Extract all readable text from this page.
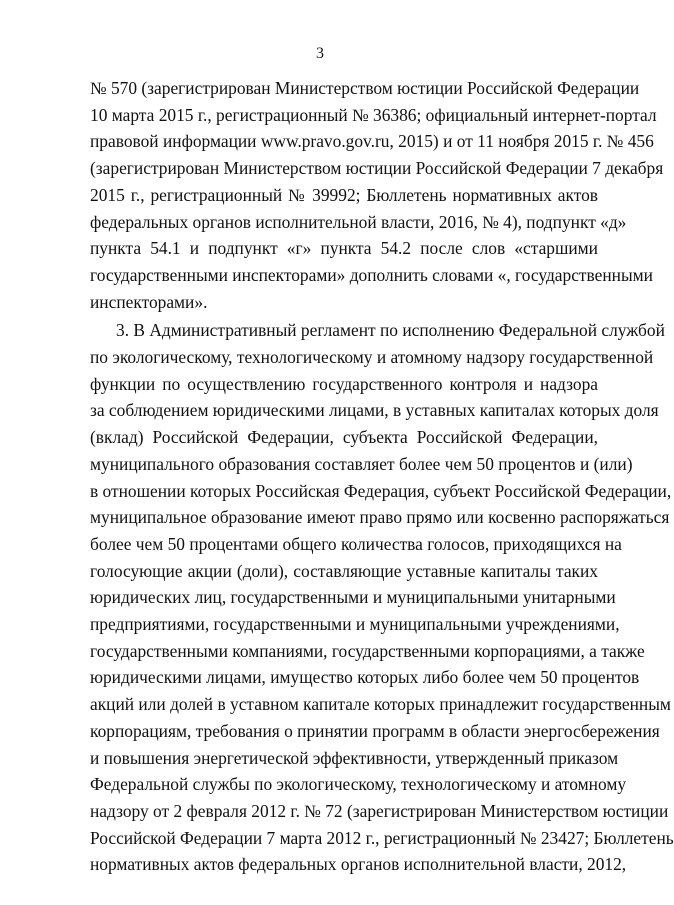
3
№ 570 (зарегистрирован Министерством юстиции Российской Федерации
10 марта 2015 г., регистрационный № 36386; официальный интернет-портал
правовой информации www.pravo.gov.ru, 2015) и от 11 ноября 2015 г. № 456
(зарегистрирован Министерством юстиции Российской Федерации 7 декабря
2015 г., регистрационный № 39992; Бюллетень нормативных актов
федеральных органов исполнительной власти, 2016, № 4), подпункт «д»
пункта 54.1 и подпункт «г» пункта 54.2 после слов «старшими
государственными инспекторами» дополнить словами «, государственными
инспекторами».
3. В Административный регламент по исполнению Федеральной службой
по экологическому, технологическому и атомному надзору государственной
функции по осуществлению государственного контроля и надзора
за соблюдением юридическими лицами, в уставных капиталах которых доля
(вклад) Российской Федерации, субъекта Российской Федерации,
муниципального образования составляет более чем 50 процентов и (или)
в отношении которых Российская Федерация, субъект Российской Федерации,
муниципальное образование имеют право прямо или косвенно распоряжаться
более чем 50 процентами общего количества голосов, приходящихся на
голосующие акции (доли), составляющие уставные капиталы таких
юридических лиц, государственными и муниципальными унитарными
предприятиями, государственными и муниципальными учреждениями,
государственными компаниями, государственными корпорациями, а также
юридическими лицами, имущество которых либо более чем 50 процентов
акций или долей в уставном капитале которых принадлежит государственным
корпорациям, требования о принятии программ в области энергосбережения
и повышения энергетической эффективности, утвержденный приказом
Федеральной службы по экологическому, технологическому и атомному
надзору от 2 февраля 2012 г. № 72 (зарегистрирован Министерством юстиции
Российской Федерации 7 марта 2012 г., регистрационный № 23427; Бюллетень
нормативных актов федеральных органов исполнительной власти, 2012,
